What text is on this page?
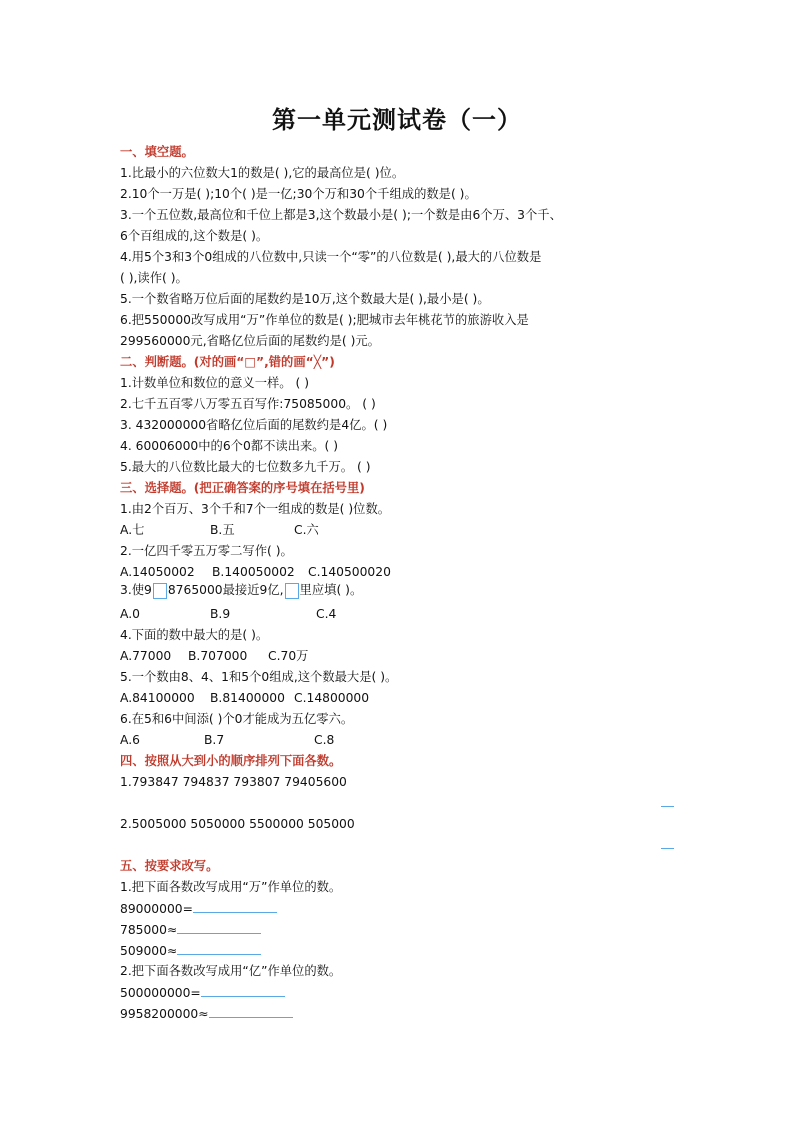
第一单元测试卷（一）
一、填空题。
1.比最小的六位数大1的数是( ),它的最高位是( )位。
2.10个一万是( );10个( )是一亿;30个万和30个千组成的数是( )。
3.一个五位数,最高位和千位上都是3,这个数最小是( );一个数是由6个万、3个千、
6个百组成的,这个数是( )。
4.用5个3和3个0组成的八位数中,只读一个“零”的八位数是( ),最大的八位数是
( ),读作( )。
5.一个数省略万位后面的尾数约是10万,这个数最大是( ),最小是( )。
6.把550000改写成用“万”作单位的数是( );肥城市去年桃花节的旅游收入是
299560000元,省略亿位后面的尾数约是( )元。
二、判断题。(对的画“□”,错的画“╳”)
1.计数单位和数位的意义一样。 ( )
2.七千五百零八万零五百写作:75085000。 ( )
3. 432000000省略亿位后面的尾数约是4亿。( )
4. 60006000中的6个0都不读出来。( )
5.最大的八位数比最大的七位数多九千万。 ( )
三、选择题。(把正确答案的序号填在括号里)
1.由2个百万、3个千和7个一组成的数是( )位数。
A.七	B.五	C.六
2.一亿四千零五万零二写作( )。
A.14050002 B.140050002 C.140500020
3.使9 8765000最接近9亿, 里应填( )。
A.0	B.9	C.4
4.下面的数中最大的是( )。
A.77000 B.707000 C.70万
5.一个数由8、4、1和5个0组成,这个数最大是( )。
A.84100000 B.81400000 C.14800000
6.在5和6中间添( )个0才能成为五亿零六。
A.6	B.7	C.8
四、按照从大到小的顺序排列下面各数。
1.793847 794837 793807 79405600
2.5005000 5050000 5500000 505000
五、按要求改写。
1.把下面各数改写成用“万”作单位的数。
89000000=
785000≈
509000≈
2.把下面各数改写成用“亿”作单位的数。
500000000=
9958200000≈
